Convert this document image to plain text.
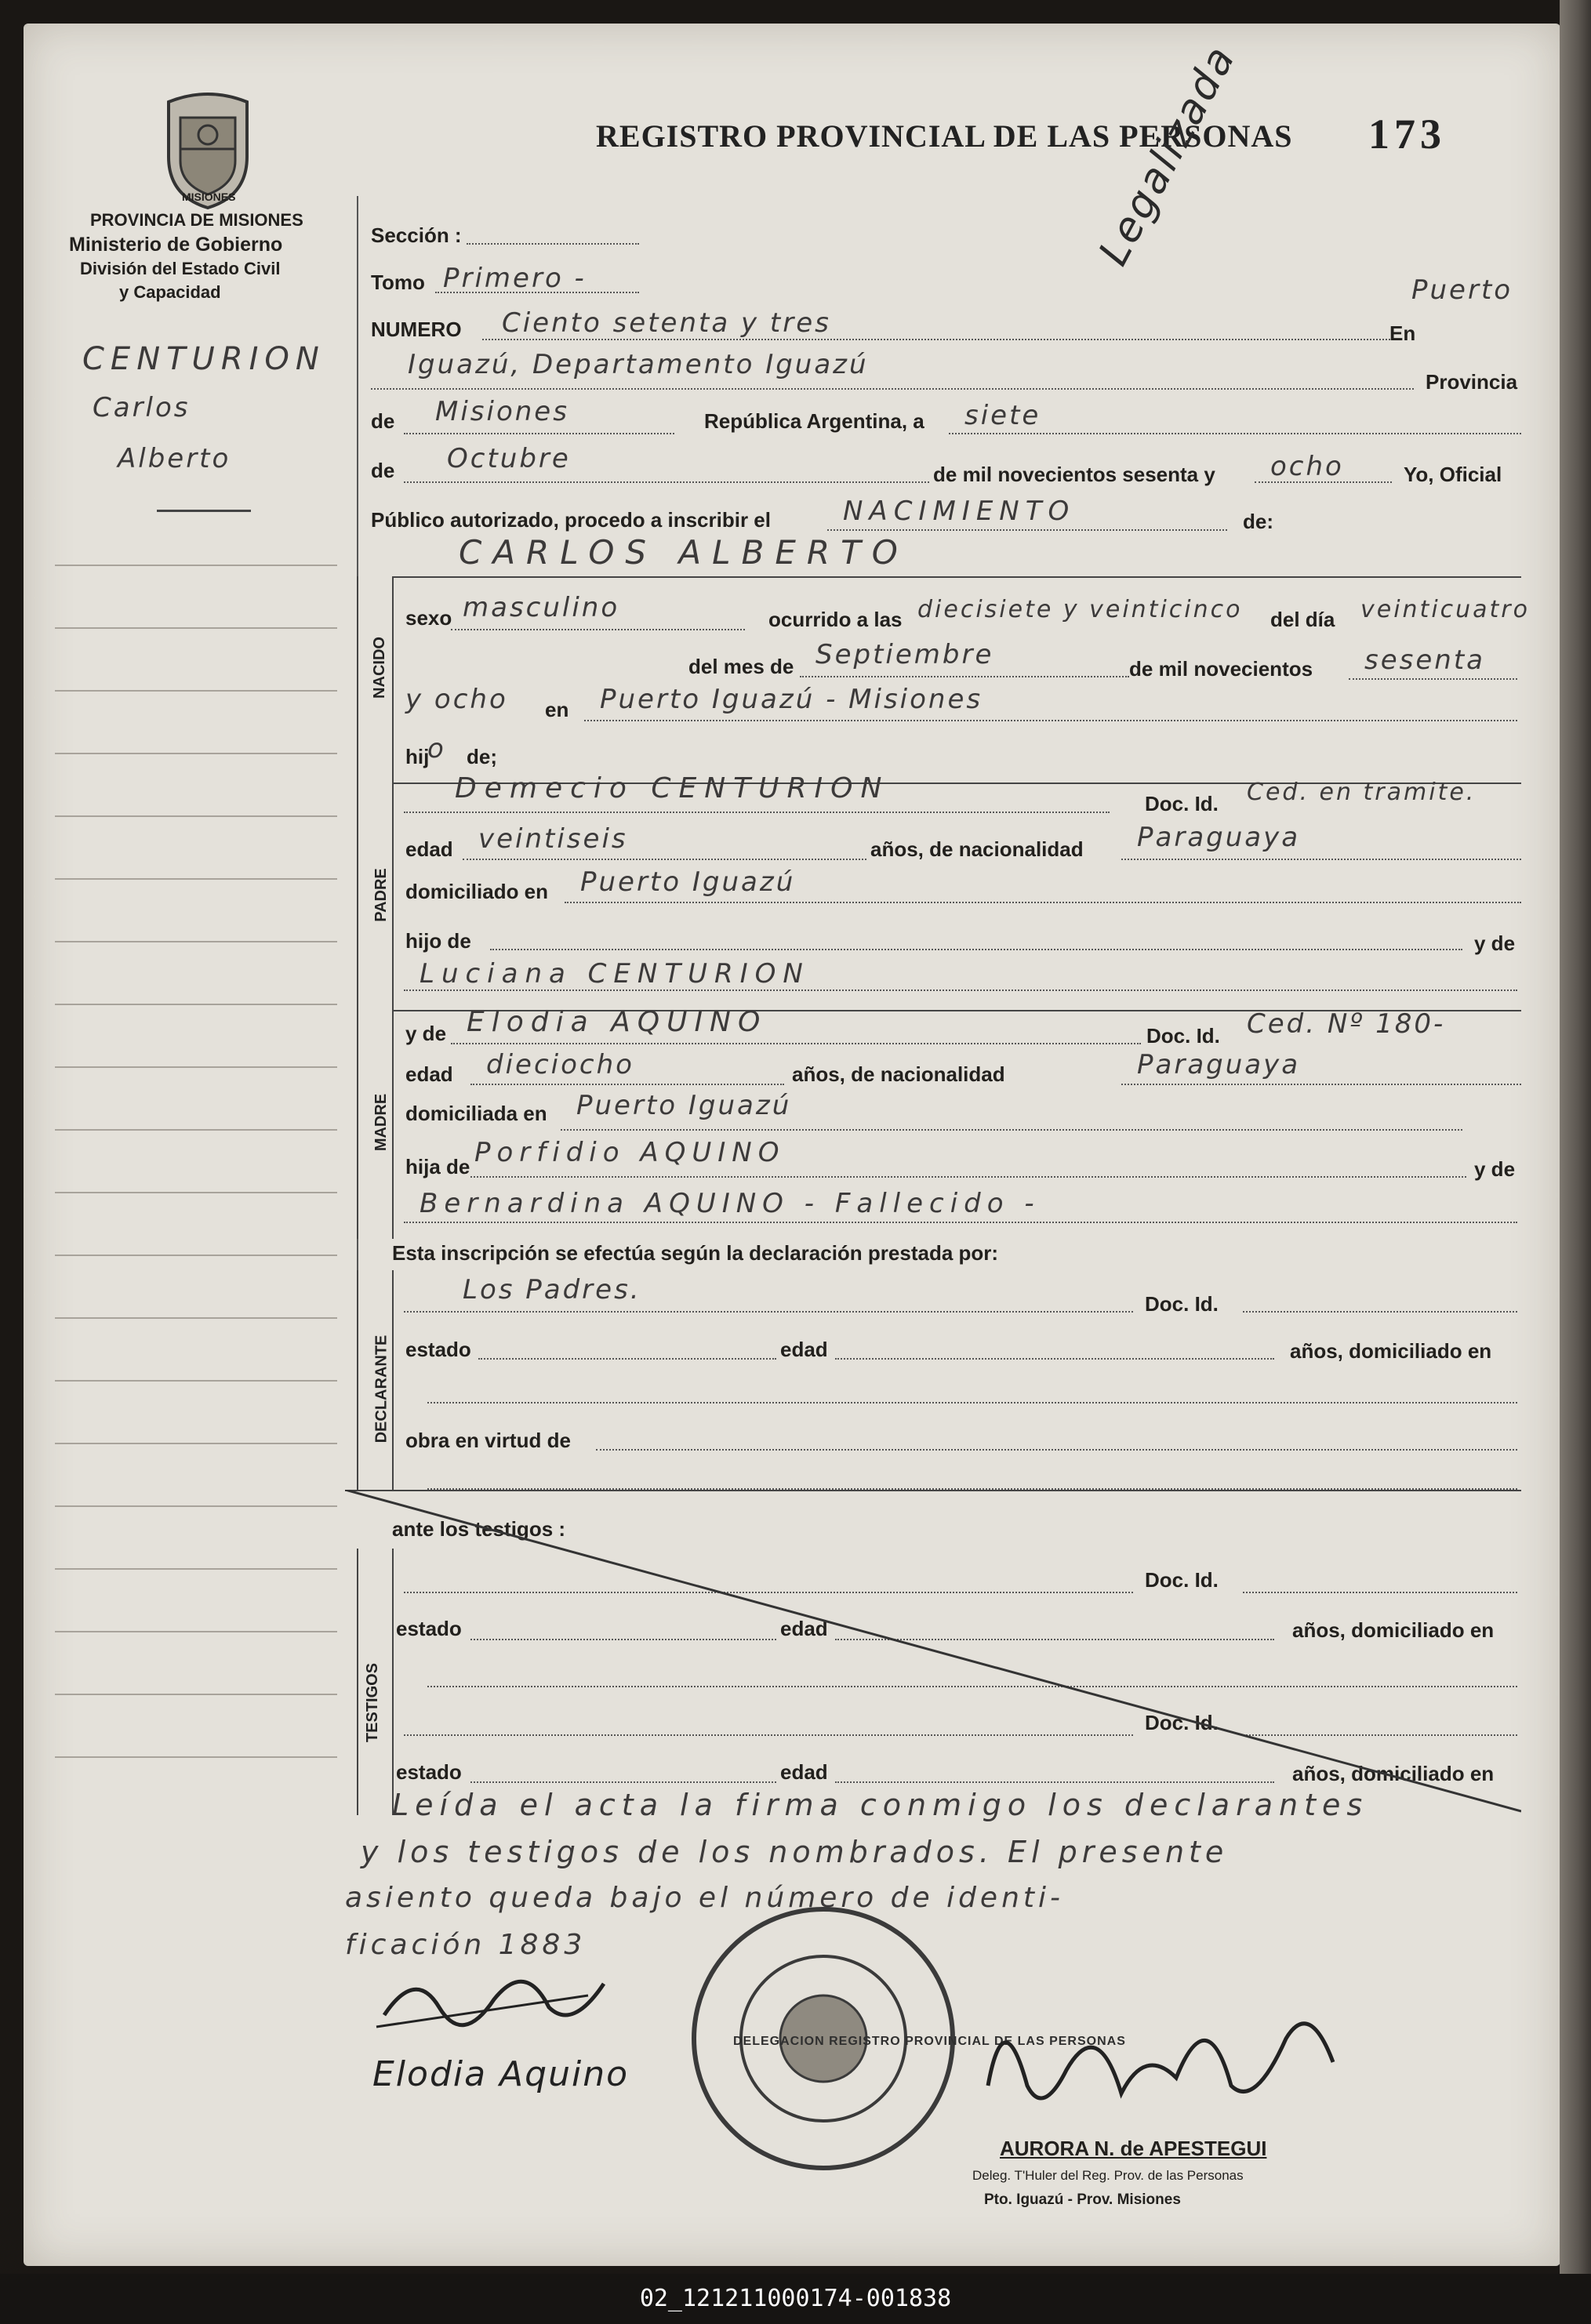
MISIONES
PROVINCIA DE MISIONES
Ministerio de Gobierno
División del Estado Civil
y Capacidad
REGISTRO PROVINCIAL DE LAS PERSONAS 173
Legalizada
CENTURION
Carlos
Alberto
Sección :
Tomo Primero -
NUMERO Ciento setenta y tres	En
Puerto
Iguazú, Departamento Iguazú
Provincia
de Misiones	República Argentina, a siete
de Octubre	de mil novecientos sesenta y ocho	Yo, Oficial
Público autorizado, procedo a inscribir el	NACIMIENTO	de:
CARLOS ALBERTO
NACIDO
sexo masculino	ocurrido a las diecisiete y veinticinco del día veinticuatro
del mes de Septiembre	de mil novecientos sesenta
y ocho en Puerto Iguazú - Misiones
hij
o de;
PADRE
Demecio CENTURION	Doc. Id. Ced. en tramite.
edad veintiseis	años, de nacionalidad Paraguaya
domiciliado en Puerto Iguazú
hijo de	y de
Luciana CENTURION
MADRE
y de Elodia AQUINO	Doc. Id. Ced. Nº 180-
edad dieciocho	años, de nacionalidad	Paraguaya
domiciliada en Puerto Iguazú
hija de Porfidio AQUINO
y de
Bernardina AQUINO - Fallecido -
Esta inscripción se efectúa según la declaración prestada por:
DECLARANTE
Los Padres.	Doc. Id.
estado	edad	años, domiciliado en
obra en virtud de
ante los testigos :
TESTIGOS
Doc. Id.
estado	edad	años, domiciliado en
Doc. Id.
estado	edad	años, domiciliado en
Leída el acta la firma conmigo los declarantes
y los testigos de los nombrados. El presente
asiento queda bajo el número de identi-
ficación 1883
Elodia Aquino
DELEGACION REGISTRO PROVINCIAL DE LAS PERSONAS
AURORA N. de APESTEGUI
Deleg. T'Huler del Reg. Prov. de las Personas
Pto. Iguazú - Prov. Misiones
02_121211000174-001838
